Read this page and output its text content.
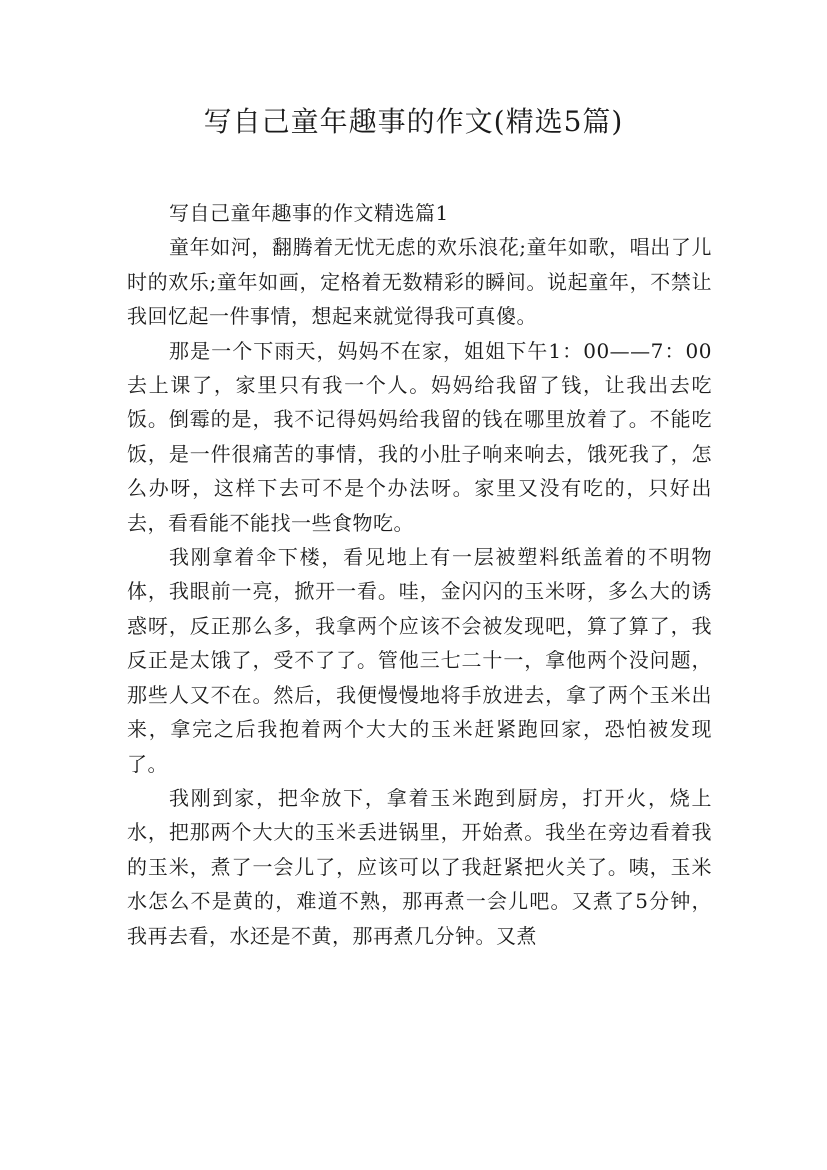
写自己童年趣事的作文(精选5篇)

写自己童年趣事的作文精选篇1

童年如河，翻腾着无忧无虑的欢乐浪花;童年如歌，唱出了儿时的欢乐;童年如画，定格着无数精彩的瞬间。说起童年，不禁让我回忆起一件事情，想起来就觉得我可真傻。

那是一个下雨天，妈妈不在家，姐姐下午1：00——7：00去上课了，家里只有我一个人。妈妈给我留了钱，让我出去吃饭。倒霉的是，我不记得妈妈给我留的钱在哪里放着了。不能吃饭，是一件很痛苦的事情，我的小肚子响来响去，饿死我了，怎么办呀，这样下去可不是个办法呀。家里又没有吃的，只好出去，看看能不能找一些食物吃。

我刚拿着伞下楼，看见地上有一层被塑料纸盖着的不明物体，我眼前一亮，掀开一看。哇，金闪闪的玉米呀，多么大的诱惑呀，反正那么多，我拿两个应该不会被发现吧，算了算了，我反正是太饿了，受不了了。管他三七二十一，拿他两个没问题，那些人又不在。然后，我便慢慢地将手放进去，拿了两个玉米出来，拿完之后我抱着两个大大的玉米赶紧跑回家，恐怕被发现了。

我刚到家，把伞放下，拿着玉米跑到厨房，打开火，烧上水，把那两个大大的玉米丢进锅里，开始煮。我坐在旁边看着我的玉米，煮了一会儿了，应该可以了我赶紧把火关了。咦，玉米水怎么不是黄的，难道不熟，那再煮一会儿吧。又煮了5分钟，我再去看，水还是不黄，那再煮几分钟。又煮
